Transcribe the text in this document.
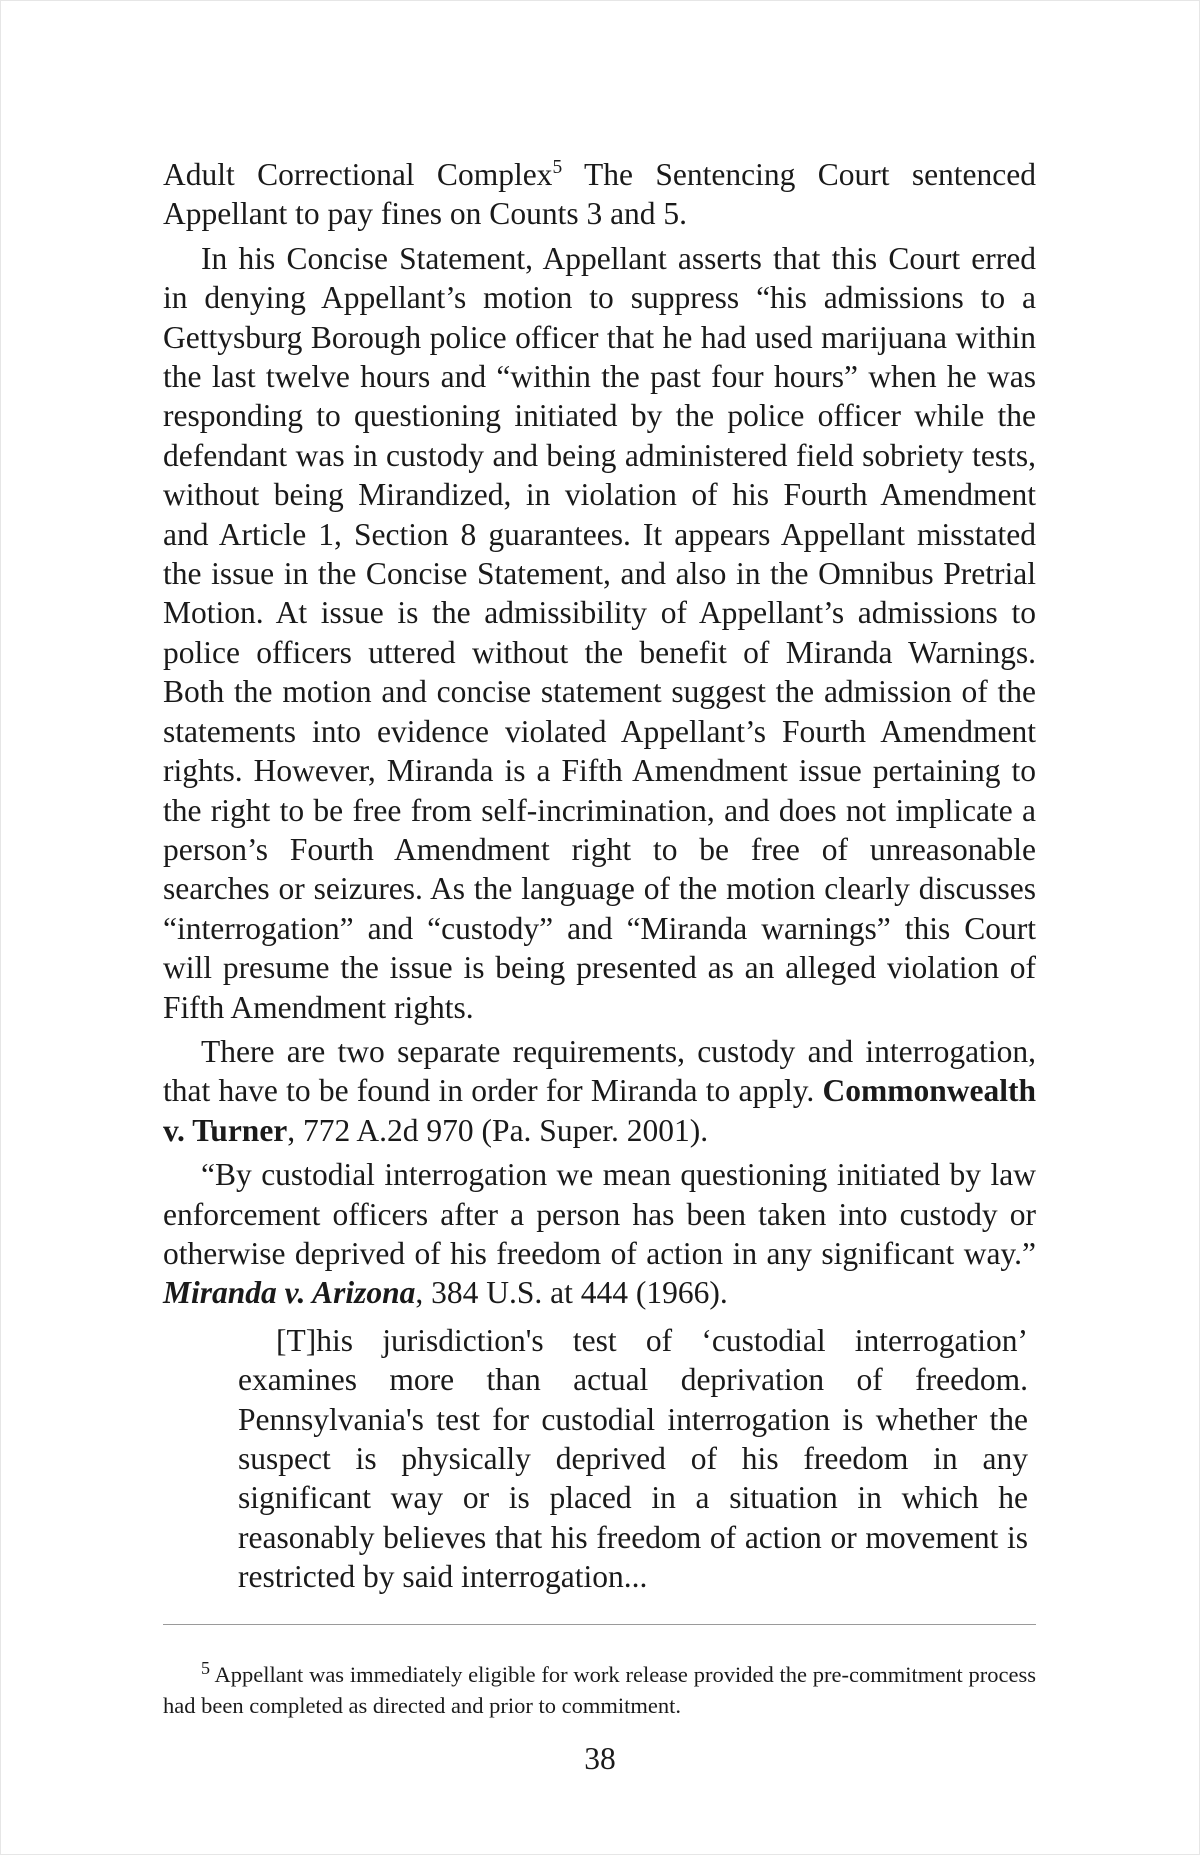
Adult Correctional Complex$^5$ The Sentencing Court sentenced Appellant to pay fines on Counts 3 and 5.

In his Concise Statement, Appellant asserts that this Court erred in denying Appellant’s motion to suppress “his admissions to a Gettysburg Borough police officer that he had used marijuana within the last twelve hours and “within the past four hours” when he was responding to questioning initiated by the police officer while the defendant was in custody and being administered field sobriety tests, without being Mirandized, in violation of his Fourth Amendment and Article 1, Section 8 guarantees. It appears Appellant misstated the issue in the Concise Statement, and also in the Omnibus Pretrial Motion. At issue is the admissibility of Appellant’s admissions to police officers uttered without the benefit of Miranda Warnings. Both the motion and concise statement suggest the admission of the statements into evidence violated Appellant’s Fourth Amendment rights. However, Miranda is a Fifth Amendment issue pertaining to the right to be free from self-incrimination, and does not implicate a person’s Fourth Amendment right to be free of unreasonable searches or seizures. As the language of the motion clearly discusses “interrogation” and “custody” and “Miranda warnings” this Court will presume the issue is being presented as an alleged violation of Fifth Amendment rights.

There are two separate requirements, custody and interrogation, that have to be found in order for Miranda to apply. Commonwealth v. Turner, 772 A.2d 970 (Pa. Super. 2001).

“By custodial interrogation we mean questioning initiated by law enforcement officers after a person has been taken into custody or otherwise deprived of his freedom of action in any significant way.” Miranda v. Arizona, 384 U.S. at 444 (1966).

[T]his jurisdiction's test of ‘custodial interrogation’ examines more than actual deprivation of freedom. Pennsylvania's test for custodial interrogation is whether the suspect is physically deprived of his freedom in any significant way or is placed in a situation in which he reasonably believes that his freedom of action or movement is restricted by said interrogation...

$^5$ Appellant was immediately eligible for work release provided the pre-commitment process had been completed as directed and prior to commitment.

38
